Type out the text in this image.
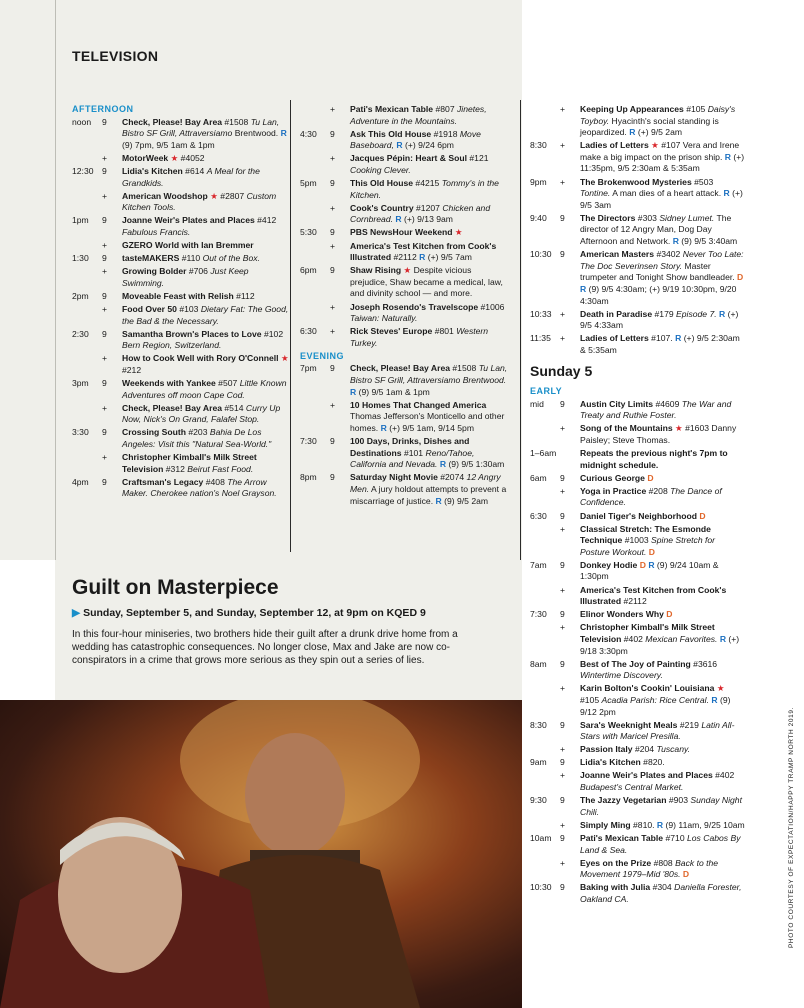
TELEVISION
AFTERNOON
noon	9	Check, Please! Bay Area #1508 Tu Lan, Bistro SF Grill, Attraversiamo Brentwood. R (9) 7pm, 9/5 1am & 1pm
+	MotorWeek ★ #4052
12:30 9	Lidia's Kitchen #614 A Meal for the Grandkids.
+	American Woodshop ★ #2807 Custom Kitchen Tools.
1pm	9	Joanne Weir's Plates and Places #412 Fabulous Francis.
+	GZERO World with Ian Bremmer
1:30	9	tasteMAKERS #110 Out of the Box.
+	Growing Bolder #706 Just Keep Swimming.
2pm	9	Moveable Feast with Relish #112
+	Food Over 50 #103 Dietary Fat: The Good, the Bad & the Necessary.
2:30	9	Samantha Brown's Places to Love #102 Bern Region, Switzerland.
+	How to Cook Well with Rory O'Connell ★ #212
3pm	9	Weekends with Yankee #507 Little Known Adventures off moon Cape Cod.
+	Check, Please! Bay Area #514 Curry Up Now, Nick's On Grand, Falafel Stop.
3:30	9	Crossing South #203 Bahia De Los Angeles: Visit this "Natural Sea-World."
+	Christopher Kimball's Milk Street Television #312 Beirut Fast Food.
4pm	9	Craftsman's Legacy #408 The Arrow Maker. Cherokee nation's Noel Grayson.
+	Pati's Mexican Table #807 Jinetes, Adventure in the Mountains.
4:30	9	Ask This Old House #1918 Move Baseboard, R (+) 9/24 6pm
+	Jacques Pépin: Heart & Soul #121 Cooking Clever.
5pm	9	This Old House #4215 Tommy's in the Kitchen.
+	Cook's Country #1207 Chicken and Cornbread. R (+) 9/13 9am
5:30	9	PBS NewsHour Weekend ★
+	America's Test Kitchen from Cook's Illustrated #2112 R (+) 9/5 7am
6pm	9	Shaw Rising ★ Despite vicious prejudice, Shaw became a medical, law, and divinity school — and more.
+	Joseph Rosendo's Travelscope #1006 Taiwan: Naturally.
6:30	+	Rick Steves' Europe #801 Western Turkey.
EVENING
7pm	9	Check, Please! Bay Area #1508 Tu Lan, Bistro SF Grill, Attraversiamo Brentwood. R (9) 9/5 1am & 1pm
+	10 Homes That Changed America Thomas Jefferson's Monticello and other homes. R (+) 9/5 1am, 9/14 5pm
7:30	9	100 Days, Drinks, Dishes and Destinations #101 Reno/Tahoe, California and Nevada. R (9) 9/5 1:30am
8pm	9	Saturday Night Movie #2074 12 Angry Men. A jury holdout attempts to prevent a miscarriage of justice. R (9) 9/5 2am
+	Keeping Up Appearances #105 Daisy's Toyboy. Hyacinth's social standing is jeopardized. R (+) 9/5 2am
8:30	+	Ladies of Letters ★ #107 Vera and Irene make a big impact on the prison ship. R (+) 11:35pm, 9/5 2:30am & 5:35am
9pm	+	The Brokenwood Mysteries #503 Tontine. A man dies of a heart attack. R (+) 9/5 3am
9:40	9	The Directors #303 Sidney Lumet. The director of 12 Angry Man, Dog Day Afternoon and Network. R (9) 9/5 3:40am
10:30 9	American Masters #3402 Never Too Late: The Doc Severinsen Story. Master trumpeter and Tonight Show bandleader. D R (9) 9/5 4:30am; (+) 9/19 10:30pm, 9/20 4:30am
10:33 +	Death in Paradise #179 Episode 7. R (+) 9/5 4:33am
11:35	+	Ladies of Letters #107. R (+) 9/5 2:30am & 5:35am
Sunday 5
EARLY
mid	9	Austin City Limits #4609 The War and Treaty and Ruthie Foster.
+	Song of the Mountains ★ #1603 Danny Paisley; Steve Thomas.
1–6am	Repeats the previous night's 7pm to midnight schedule.
6am	9	Curious George D
+	Yoga in Practice #208 The Dance of Confidence.
6:30	9	Daniel Tiger's Neighborhood D
+	Classical Stretch: The Esmonde Technique #1003 Spine Stretch for Posture Workout. D
7am	9	Donkey Hodie D R (9) 9/24 10am & 1:30pm
+	America's Test Kitchen from Cook's Illustrated #2112
7:30	9	Elinor Wonders Why D
+	Christopher Kimball's Milk Street Television #402 Mexican Favorites. R (+) 9/18 3:30pm
8am	9	Best of The Joy of Painting #3616 Wintertime Discovery.
+	Karin Bolton's Cookin' Louisiana ★ #105 Acadia Parish: Rice Central. R (9) 9/12 2pm
8:30	9	Sara's Weeknight Meals #219 Latin All-Stars with Maricel Presilla.
+	Passion Italy #204 Tuscany.
9am	9	Lidia's Kitchen #820.
+	Joanne Weir's Plates and Places #402 Budapest's Central Market.
9:30	9	The Jazzy Vegetarian #903 Sunday Night Chili.
+	Simply Ming #810. R (9) 11am, 9/25 10am
10am 9	Pati's Mexican Table #710 Los Cabos By Land & Sea.
+	Eyes on the Prize #808 Back to the Movement 1979–Mid '80s. D
10:30 9	Baking with Julia #304 Daniella Forester, Oakland CA.
Guilt on Masterpiece
▶ Sunday, September 5, and Sunday, September 12, at 9pm on KQED 9
In this four-hour miniseries, two brothers hide their guilt after a drunk drive home from a wedding has catastrophic consequences. No longer close, Max and Jake are now co-conspirators in a crime that grows more serious as they spin out a series of lies.
PHOTO COURTESY OF EXPECTATION/HAPPY TRAMP NORTH 2019.
